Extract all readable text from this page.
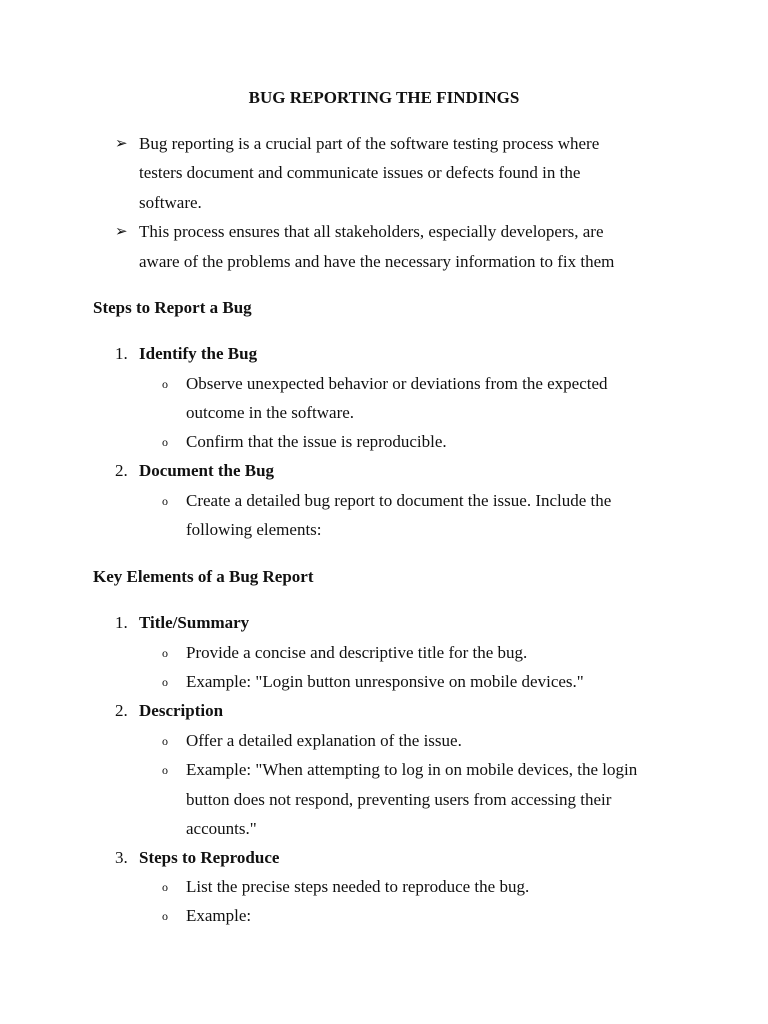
BUG REPORTING THE FINDINGS
➢ Bug reporting is a crucial part of the software testing process where
testers document and communicate issues or defects found in the
software.
➢ This process ensures that all stakeholders, especially developers, are
aware of the problems and have the necessary information to fix them
Steps to Report a Bug
1. Identify the Bug
o Observe unexpected behavior or deviations from the expected
outcome in the software.
o Confirm that the issue is reproducible.
2. Document the Bug
o Create a detailed bug report to document the issue. Include the
following elements:
Key Elements of a Bug Report
1. Title/Summary
o Provide a concise and descriptive title for the bug.
o Example: "Login button unresponsive on mobile devices."
2. Description
o Offer a detailed explanation of the issue.
o Example: "When attempting to log in on mobile devices, the login
button does not respond, preventing users from accessing their
accounts."
3. Steps to Reproduce
o List the precise steps needed to reproduce the bug.
o Example:
